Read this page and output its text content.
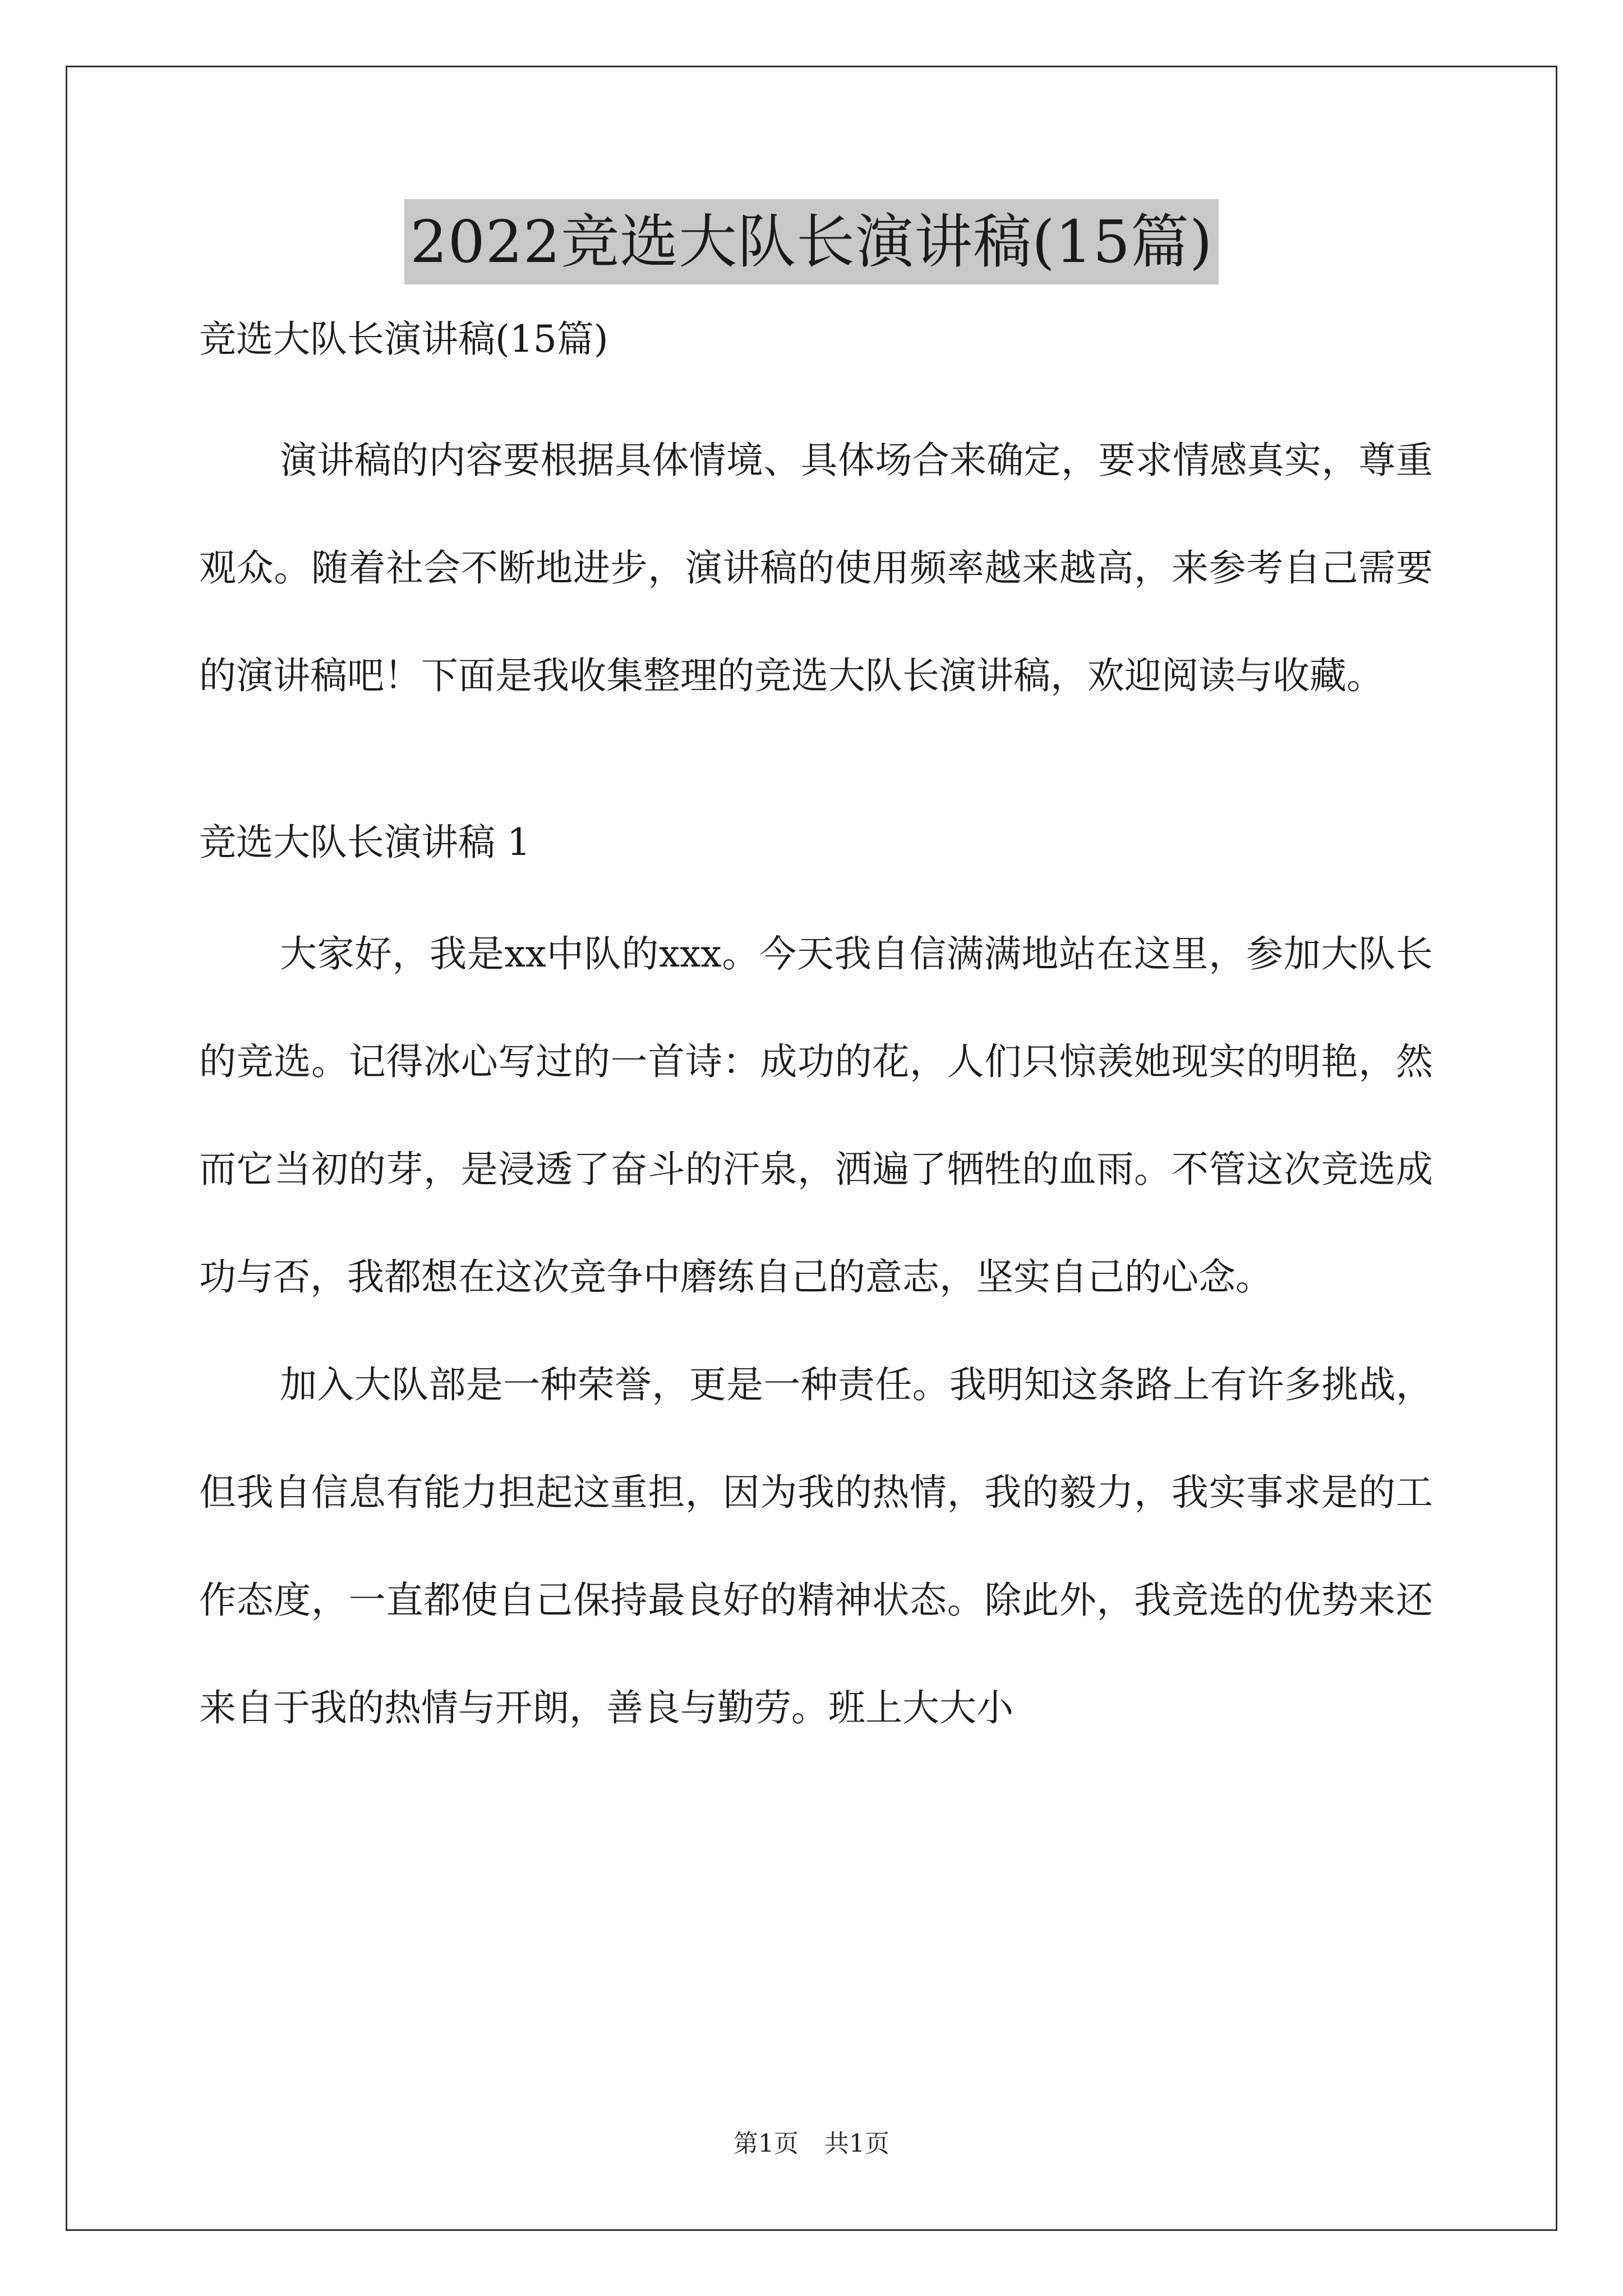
2022竞选大队长演讲稿(15篇)

竞选大队长演讲稿(15篇)

演讲稿的内容要根据具体情境、具体场合来确定，要求情感真实，尊重观众。随着社会不断地进步，演讲稿的使用频率越来越高，来参考自己需要的演讲稿吧！下面是我收集整理的竞选大队长演讲稿，欢迎阅读与收藏。

竞选大队长演讲稿 1

大家好，我是xx中队的xxx。今天我自信满满地站在这里，参加大队长的竞选。记得冰心写过的一首诗：成功的花，人们只惊羡她现实的明艳，然而它当初的芽，是浸透了奋斗的汗泉，洒遍了牺牲的血雨。不管这次竞选成功与否，我都想在这次竞争中磨练自己的意志，坚实自己的心念。

加入大队部是一种荣誉，更是一种责任。我明知这条路上有许多挑战，但我自信息有能力担起这重担，因为我的热情，我的毅力，我实事求是的工作态度，一直都使自己保持最良好的精神状态。除此外，我竞选的优势来还来自于我的热情与开朗，善良与勤劳。班上大大小

第1页 共1页
